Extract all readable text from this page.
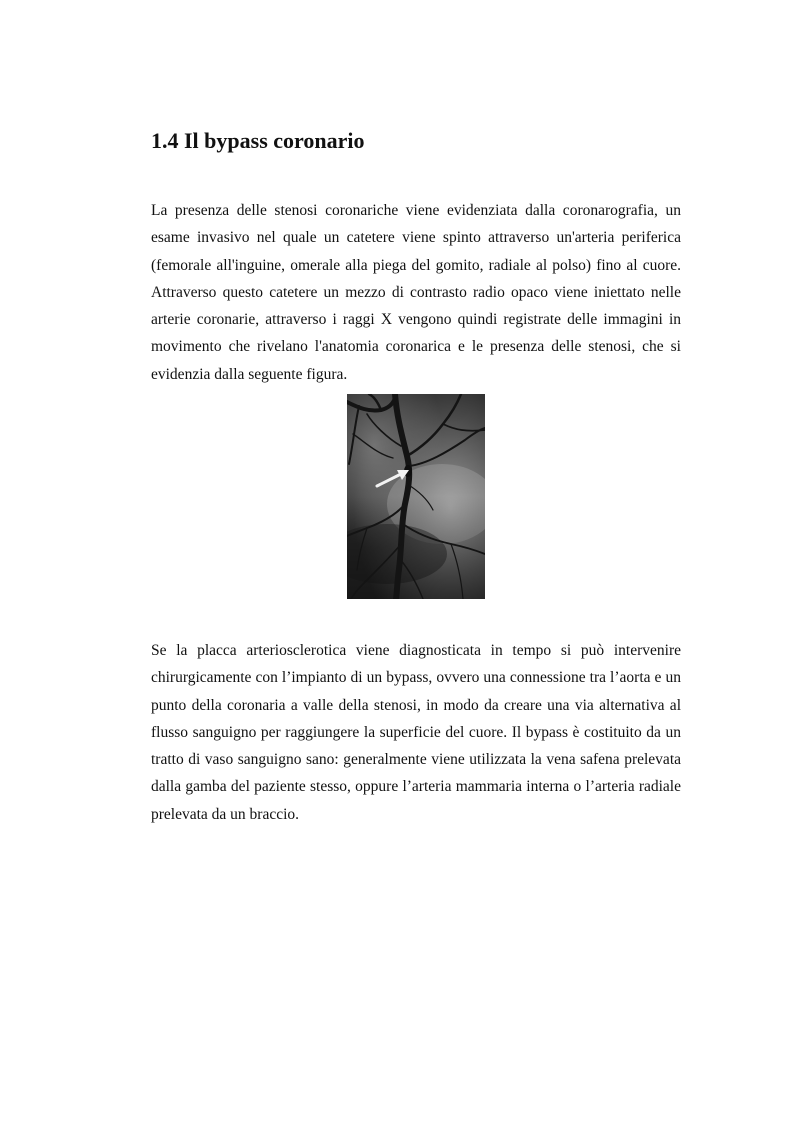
1.4 Il bypass coronario

La presenza delle stenosi coronariche viene evidenziata dalla coronarografia, un esame invasivo nel quale un catetere viene spinto attraverso un'arteria periferica (femorale all'inguine, omerale alla piega del gomito, radiale al polso) fino al cuore. Attraverso questo catetere un mezzo di contrasto radio opaco viene iniettato nelle arterie coronarie, attraverso i raggi X vengono quindi registrate delle immagini in movimento che rivelano l'anatomia coronarica e le presenza delle stenosi, che si evidenzia dalla seguente figura.

Se la placca arteriosclerotica viene diagnosticata in tempo si può intervenire chirurgicamente con l’impianto di un bypass, ovvero una connessione tra l’aorta e un punto della coronaria a valle della stenosi, in modo da creare una via alternativa al flusso sanguigno per raggiungere la superficie del cuore. Il bypass è costituito da un tratto di vaso sanguigno sano: generalmente viene utilizzata la vena safena prelevata dalla gamba del paziente stesso, oppure l’arteria mammaria interna o l’arteria radiale prelevata da un braccio.
